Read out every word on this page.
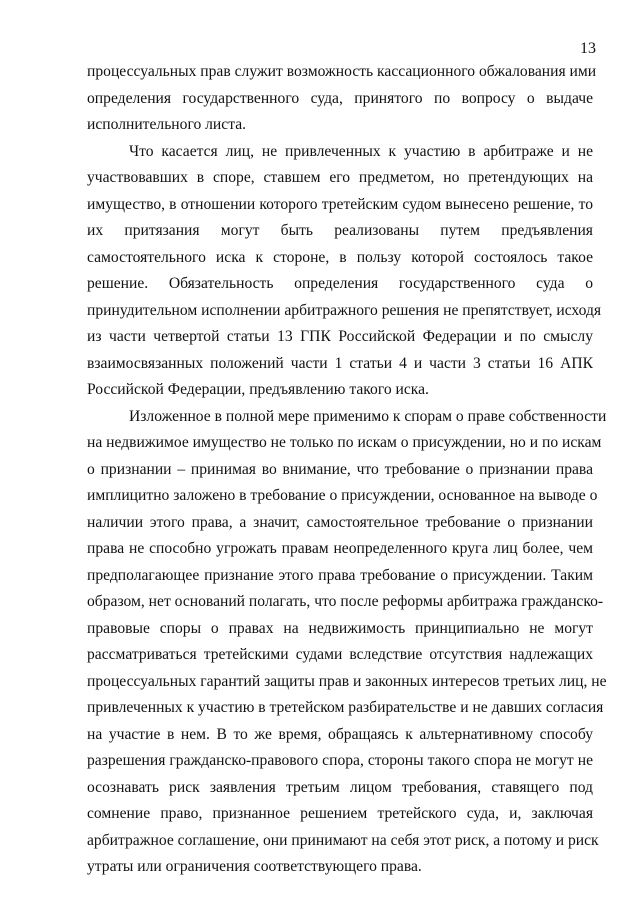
13
процессуальных прав служит возможность кассационного обжалования ими
определения государственного суда, принятого по вопросу о выдаче
исполнительного листа.
Что касается лиц, не привлеченных к участию в арбитраже и не
участвовавших в споре, ставшем его предметом, но претендующих на
имущество, в отношении которого третейским судом вынесено решение, то
их притязания могут быть реализованы путем предъявления
самостоятельного иска к стороне, в пользу которой состоялось такое
решение. Обязательность определения государственного суда о
принудительном исполнении арбитражного решения не препятствует, исходя
из части четвертой статьи 13 ГПК Российской Федерации и по смыслу
взаимосвязанных положений части 1 статьи 4 и части 3 статьи 16 АПК
Российской Федерации, предъявлению такого иска.
Изложенное в полной мере применимо к спорам о праве собственности
на недвижимое имущество не только по искам о присуждении, но и по искам
о признании – принимая во внимание, что требование о признании права
имплицитно заложено в требование о присуждении, основанное на выводе о
наличии этого права, а значит, самостоятельное требование о признании
права не способно угрожать правам неопределенного круга лиц более, чем
предполагающее признание этого права требование о присуждении. Таким
образом, нет оснований полагать, что после реформы арбитража гражданско-
правовые споры о правах на недвижимость принципиально не могут
рассматриваться третейскими судами вследствие отсутствия надлежащих
процессуальных гарантий защиты прав и законных интересов третьих лиц, не
привлеченных к участию в третейском разбирательстве и не давших согласия
на участие в нем. В то же время, обращаясь к альтернативному способу
разрешения гражданско-правового спора, стороны такого спора не могут не
осознавать риск заявления третьим лицом требования, ставящего под
сомнение право, признанное решением третейского суда, и, заключая
арбитражное соглашение, они принимают на себя этот риск, а потому и риск
утраты или ограничения соответствующего права.
